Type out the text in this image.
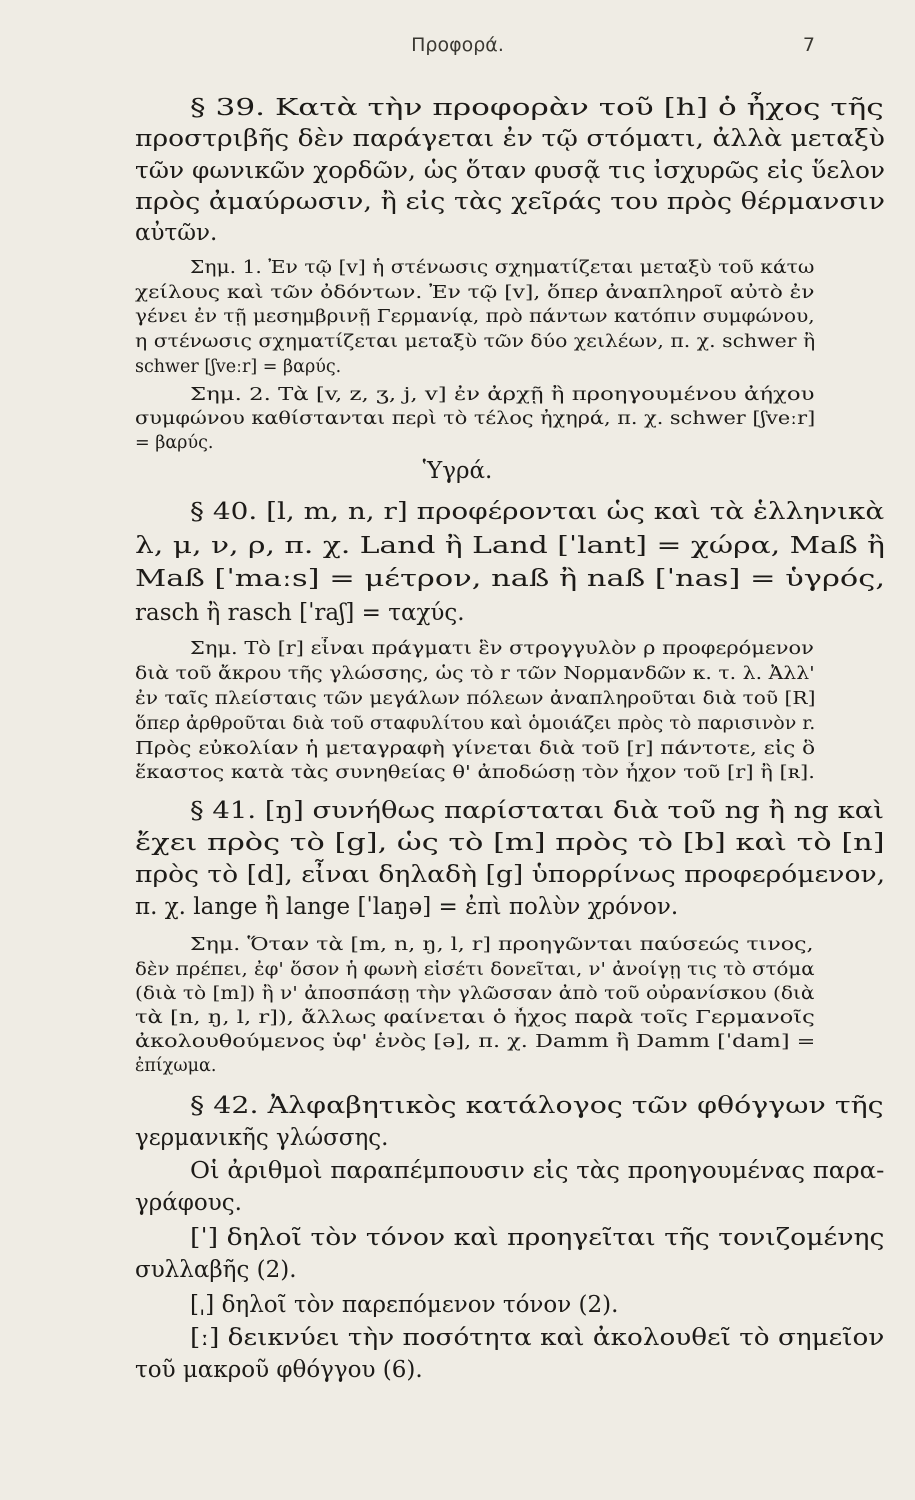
Προφορά.	7
§ 39. Κατὰ τὴν προφορὰν τοῦ [h] ὁ ἦχος τῆς
προστριβῆς δὲν παράγεται ἐν τῷ στόματι, ἀλλὰ μεταξὺ
τῶν φωνικῶν χορδῶν, ὡς ὅταν φυσᾷ τις ἰσχυρῶς εἰς ὕελον
πρὸς ἀμαύρωσιν, ἢ εἰς τὰς χεῖράς του πρὸς θέρμανσιν
αὐτῶν.
Σημ. 1. Ἐν τῷ [v] ἡ στένωσις σχηματίζεται μεταξὺ τοῦ κάτω
χείλους καὶ τῶν ὀδόντων. Ἐν τῷ [v], ὅπερ ἀναπληροῖ αὐτὸ ἐν
γένει ἐν τῇ μεσημβρινῇ Γερμανίᾳ, πρὸ πάντων κατόπιν συμφώνου,
η στένωσις σχηματίζεται μεταξὺ τῶν δύο χειλέων, π. χ. schwer ἢ
schwer [ʃveːr] = βαρύς.
Σημ. 2. Τὰ [v, z, ʒ, j, v] ἐν ἀρχῇ ἢ προηγουμένου ἀήχου
συμφώνου καθίστανται περὶ τὸ τέλος ἠχηρά, π. χ. schwer [ʃveːr]
= βαρύς.
Ὑγρά.
§ 40. [l, m, n, r] προφέρονται ὡς καὶ τὰ ἑλληνικὰ
λ, μ, ν, ρ, π. χ. Land ἢ Land [ˈlant] = χώρα, Maß ἢ
Maß [ˈmaːs] = μέτρον, naß ἢ naß [ˈnas] = ὑγρός,
rasch ἢ rasch [ˈraʃ] = ταχύς.
Σημ. Τὸ [r] εἶναι πράγματι ἓν στρογγυλὸν ρ προφερόμενον
διὰ τοῦ ἄκρου τῆς γλώσσης, ὡς τὸ r τῶν Νορμανδῶν κ. τ. λ. Ἀλλ'
ἐν ταῖς πλείσταις τῶν μεγάλων πόλεων ἀναπληροῦται διὰ τοῦ [R]
ὅπερ ἀρθροῦται διὰ τοῦ σταφυλίτου καὶ ὁμοιάζει πρὸς τὸ παρισινὸν r.
Πρὸς εὐκολίαν ἡ μεταγραφὴ γίνεται διὰ τοῦ [r] πάντοτε, εἰς ὃ
ἕκαστος κατὰ τὰς συνηθείας θ' ἀποδώσῃ τὸν ἦχον τοῦ [r] ἢ [ʀ].
§ 41. [ŋ] συνήθως παρίσταται διὰ τοῦ ng ἢ ng καὶ
ἔχει πρὸς τὸ [g], ὡς τὸ [m] πρὸς τὸ [b] καὶ τὸ [n]
πρὸς τὸ [d], εἶναι δηλαδὴ [g] ὑπορρίνως προφερόμενον,
π. χ. lange ἢ lange [ˈlaŋə] = ἐπὶ πολὺν χρόνον.
Σημ. Ὅταν τὰ [m, n, ŋ, l, r] προηγῶνται παύσεώς τινος,
δὲν πρέπει, ἐφ' ὅσον ἡ φωνὴ εἰσέτι δονεῖται, ν' ἀνοίγῃ τις τὸ στόμα
(διὰ τὸ [m]) ἢ ν' ἀποσπάσῃ τὴν γλῶσσαν ἀπὸ τοῦ οὐρανίσκου (διὰ
τὰ [n, ŋ, l, r]), ἄλλως φαίνεται ὁ ἦχος παρὰ τοῖς Γερμανοῖς
ἀκολουθούμενος ὑφ' ἑνὸς [ə], π. χ. Damm ἢ Damm [ˈdam] =
ἐπίχωμα.
§ 42. Ἀλφαβητικὸς κατάλογος τῶν φθόγγων τῆς
γερμανικῆς γλώσσης.
Οἱ ἀριθμοὶ παραπέμπουσιν εἰς τὰς προηγουμένας παρα-
γράφους.
[ˈ] δηλοῖ τὸν τόνον καὶ προηγεῖται τῆς τονιζομένης
συλλαβῆς (2).
[ˌ] δηλοῖ τὸν παρεπόμενον τόνον (2).
[ː] δεικνύει τὴν ποσότητα καὶ ἀκολουθεῖ τὸ σημεῖον
τοῦ μακροῦ φθόγγου (6).
